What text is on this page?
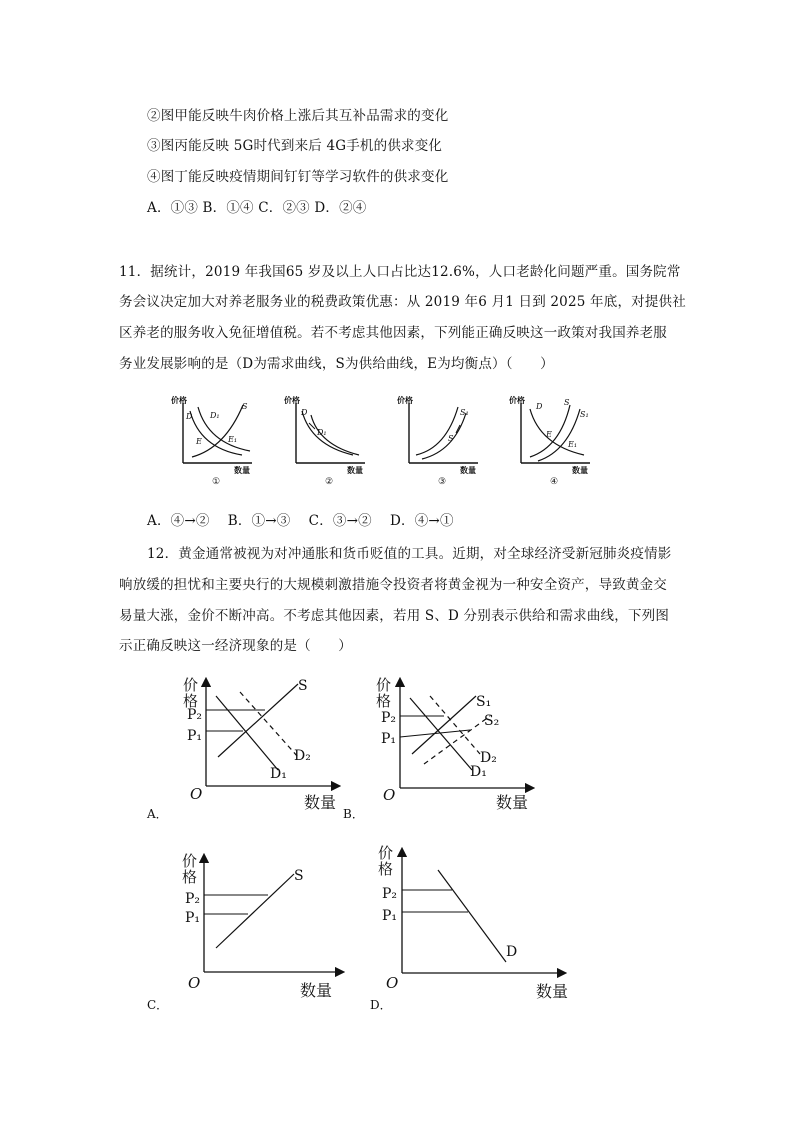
②图甲能反映牛肉价格上涨后其互补品需求的变化
③图丙能反映 5G时代到来后 4G手机的供求变化
④图丁能反映疫情期间钉钉等学习软件的供求变化
A．①③ B．①④ C．②③ D．②④
11．据统计，2019 年我国65 岁及以上人口占比达12.6%，人口老龄化问题严重。国务院常
务会议决定加大对养老服务业的税费政策优惠：从 2019 年6 月1 日到 2025 年底，对提供社
区养老的服务收入免征增值税。若不考虑其他因素，下列能正确反映这一政策对我国养老服
务业发展影响的是（D为需求曲线，S为供给曲线，E为均衡点）（　　）
价格
D D₁
S
E	E₁
数量
①
价格
D
D₁
数量
②
价格
S₁
S
数量
③
价格
D	S
S₁
E
E₁
数量
④
A．④→②　 B．①→③　 C．③→②　 D．④→①
12．黄金通常被视为对冲通胀和货币贬值的工具。近期，对全球经济受新冠肺炎疫情影
响放缓的担忧和主要央行的大规模刺激措施令投资者将黄金视为一种安全资产，导致黄金交
易量大涨，金价不断冲高。不考虑其他因素，若用 S、D 分别表示供给和需求曲线，下列图
示正确反映这一经济现象的是（　　）
价
格
P₂
P₁
S
D₂
D₁
O	数量
A．
价
格
P₂
P₁
S₁
S₂
D₂
D₁
O	数量
B．
价
格
P₂
P₁
S
O	数量
C．
价
格
P₂
P₁
D
O	数量
D．
